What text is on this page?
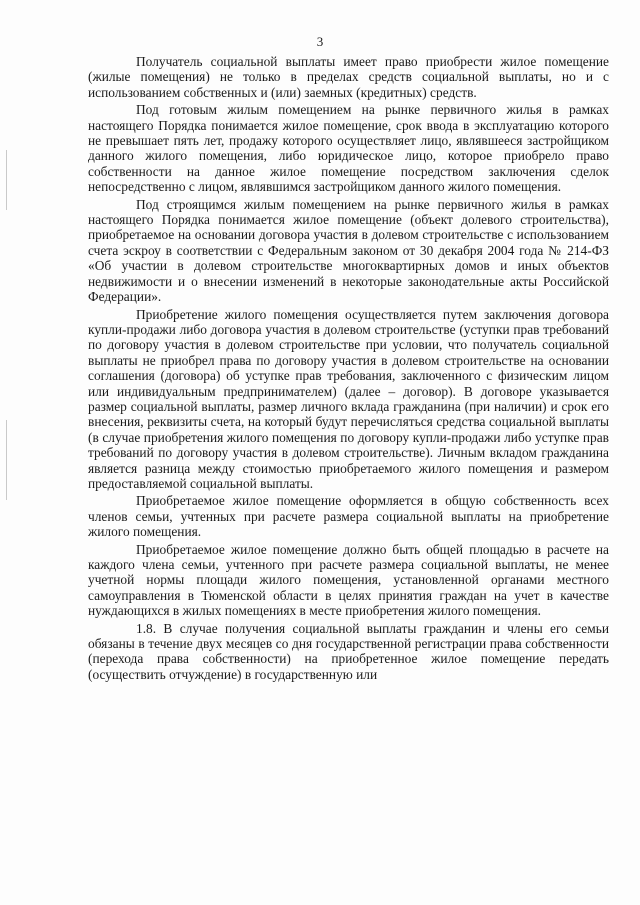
3

Получатель социальной выплаты имеет право приобрести жилое помещение (жилые помещения) не только в пределах средств социальной выплаты, но и с использованием собственных и (или) заемных (кредитных) средств.

Под готовым жилым помещением на рынке первичного жилья в рамках настоящего Порядка понимается жилое помещение, срок ввода в эксплуатацию которого не превышает пять лет, продажу которого осуществляет лицо, являвшееся застройщиком данного жилого помещения, либо юридическое лицо, которое приобрело право собственности на данное жилое помещение посредством заключения сделок непосредственно с лицом, являвшимся застройщиком данного жилого помещения.

Под строящимся жилым помещением на рынке первичного жилья в рамках настоящего Порядка понимается жилое помещение (объект долевого строительства), приобретаемое на основании договора участия в долевом строительстве с использованием счета эскроу в соответствии с Федеральным законом от 30 декабря 2004 года № 214-ФЗ «Об участии в долевом строительстве многоквартирных домов и иных объектов недвижимости и о внесении изменений в некоторые законодательные акты Российской Федерации».

Приобретение жилого помещения осуществляется путем заключения договора купли-продажи либо договора участия в долевом строительстве (уступки прав требований по договору участия в долевом строительстве при условии, что получатель социальной выплаты не приобрел права по договору участия в долевом строительстве на основании соглашения (договора) об уступке прав требования, заключенного с физическим лицом или индивидуальным предпринимателем) (далее – договор). В договоре указывается размер социальной выплаты, размер личного вклада гражданина (при наличии) и срок его внесения, реквизиты счета, на который будут перечисляться средства социальной выплаты (в случае приобретения жилого помещения по договору купли-продажи либо уступке прав требований по договору участия в долевом строительстве). Личным вкладом гражданина является разница между стоимостью приобретаемого жилого помещения и размером предоставляемой социальной выплаты.

Приобретаемое жилое помещение оформляется в общую собственность всех членов семьи, учтенных при расчете размера социальной выплаты на приобретение жилого помещения.

Приобретаемое жилое помещение должно быть общей площадью в расчете на каждого члена семьи, учтенного при расчете размера социальной выплаты, не менее учетной нормы площади жилого помещения, установленной органами местного самоуправления в Тюменской области в целях принятия граждан на учет в качестве нуждающихся в жилых помещениях в месте приобретения жилого помещения.

1.8. В случае получения социальной выплаты гражданин и члены его семьи обязаны в течение двух месяцев со дня государственной регистрации права собственности (перехода права собственности) на приобретенное жилое помещение передать (осуществить отчуждение) в государственную или
